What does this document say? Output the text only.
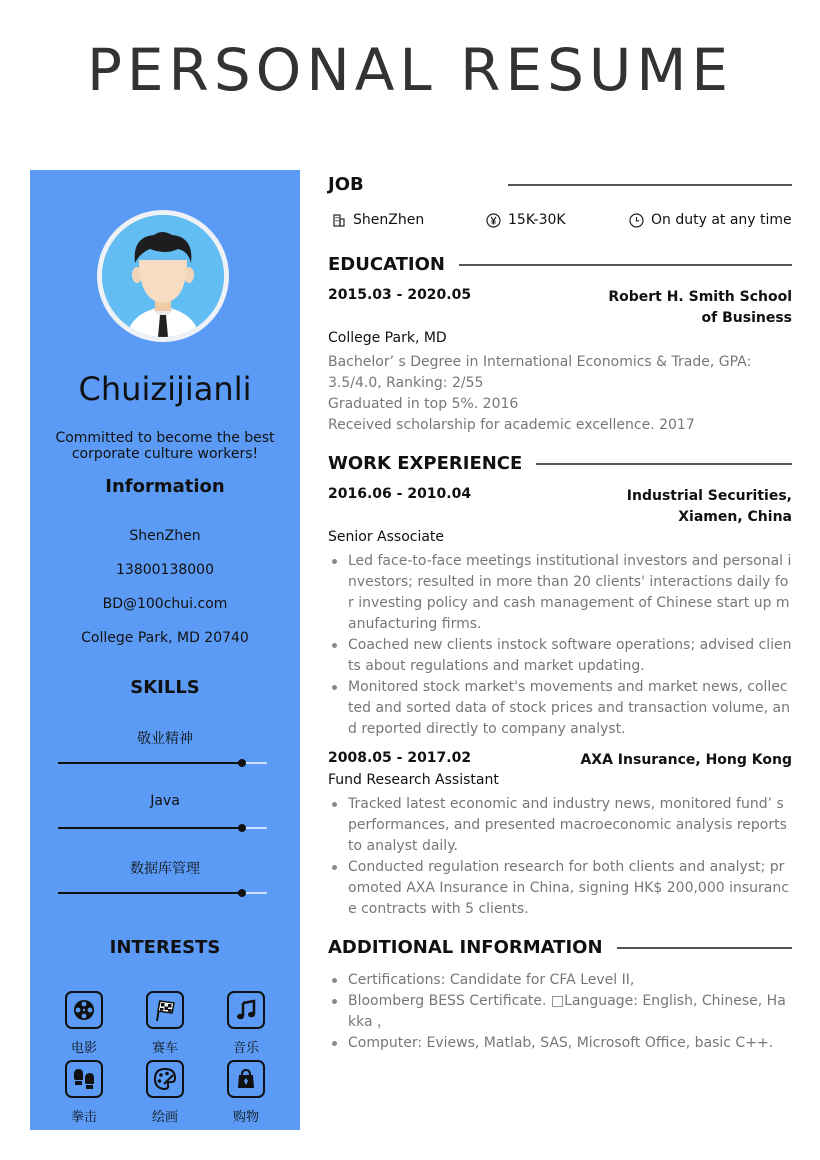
PERSONAL RESUME
Chuizijianli
Committed to become the best corporate culture workers!
Information
ShenZhen
13800138000
BD@100chui.com
College Park, MD 20740
SKILLS
敬业精神
Java
数据库管理
INTERESTS
电影	赛车	音乐
拳击	绘画	购物
JOB
ShenZhen	15K-30K	On duty at any time
EDUCATION
2015.03 - 2020.05	Robert H. Smith School of Business
College Park, MD
Bachelor’ s Degree in International Economics & Trade, GPA: 3.5/4.0, Ranking: 2/55
Graduated in top 5%. 2016
Received scholarship for academic excellence. 2017
WORK EXPERIENCE
2016.06 - 2010.04	Industrial Securities, Xiamen, China
Senior Associate
Led face-to-face meetings institutional investors and personal investors; resulted in more than 20 clients' interactions daily for investing policy and cash management of Chinese start up manufacturing firms.
Coached new clients instock software operations; advised clients about regulations and market updating.
Monitored stock market's movements and market news, collected and sorted data of stock prices and transaction volume, and reported directly to company analyst.
2008.05 - 2017.02	AXA Insurance, Hong Kong
Fund Research Assistant
Tracked latest economic and industry news, monitored fund’ s performances, and presented macroeconomic analysis reports to analyst daily.
Conducted regulation research for both clients and analyst; promoted AXA Insurance in China, signing HK$ 200,000 insurance contracts with 5 clients.
ADDITIONAL INFORMATION
Certifications: Candidate for CFA Level II,
Bloomberg BESS Certificate. □Language: English, Chinese, Hakka ，
Computer: Eviews, Matlab, SAS, Microsoft Office, basic C++.
